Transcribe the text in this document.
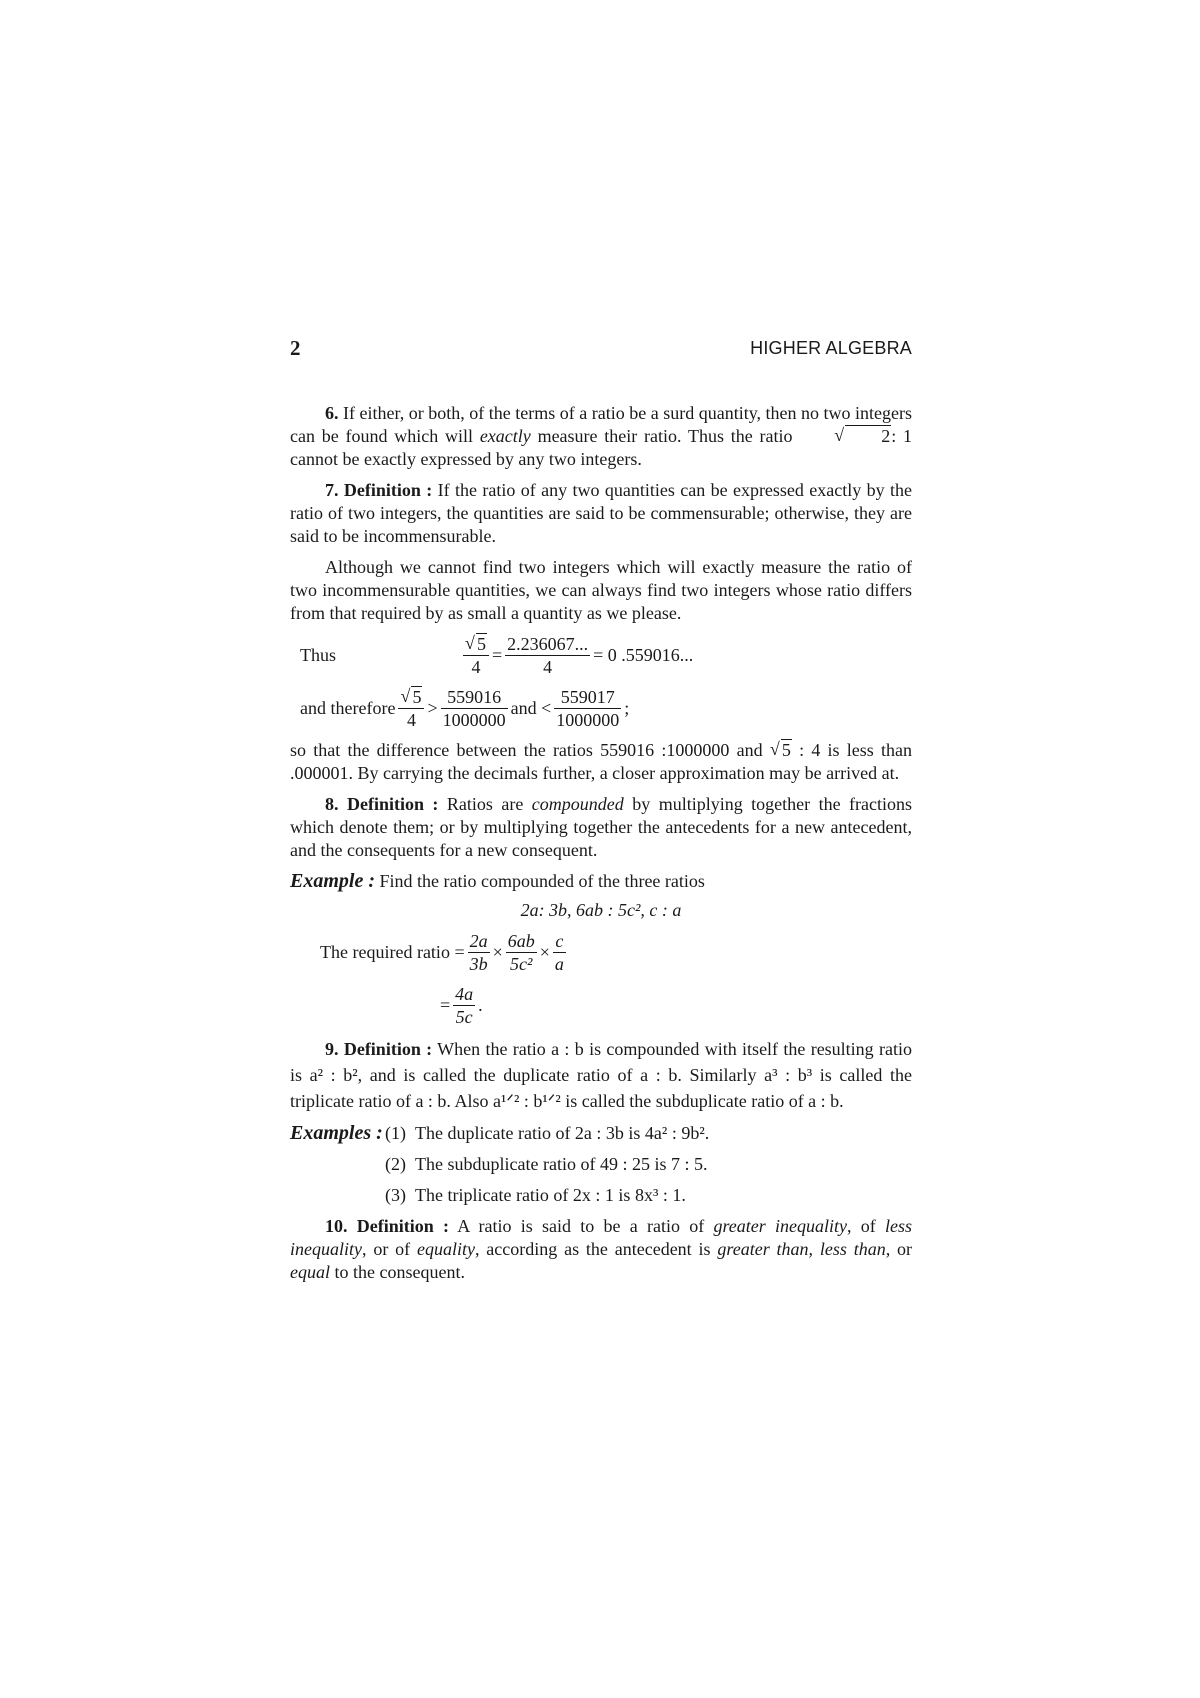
2	HIGHER ALGEBRA

6. If either, or both, of the terms of a ratio be a surd quantity, then no two integers can be found which will exactly measure their ratio. Thus the ratio	√ 2: 1 cannot be exactly expressed by any two integers.

7. Definition : If the ratio of any two quantities can be expressed exactly by the ratio of two integers, the quantities are said to be commensurable; otherwise, they are said to be incommensurable.

Although we cannot find two integers which will exactly measure the ratio of two incommensurable quantities, we can always find two integers whose ratio differs from that required by as small a quantity as we please.

Thus	√ $\frac{5}{4} = \frac{2.236067...}{4} = 0$ .559016...
and therefore √ $\frac{5}{4} > \frac{559016}{1000000}$ and < $\frac{559017}{1000000}$ ;

so that the difference between the ratios 559016 :1000000 and √ 5 : 4 is less than .000001. By carrying the decimals further, a closer approximation may be arrived at.

8. Definition : Ratios are compounded by multiplying together the fractions which denote them; or by multiplying together the antecedents for a new antecedent, and the consequents for a new consequent.

Example : Find the ratio compounded of the three ratios
2a: 3b, 6ab : 5c², c : a
The required ratio = $\frac{2a}{3b} \times \frac{6ab}{\text{5c²}} \times \frac{c}{a}$
= $\frac{4a}{5c}$ .

9. Definition : When the ratio a : b is compounded with itself the resulting ratio is a² : b², and is called the duplicate ratio of a : b. Similarly a³ : b³ is called the triplicate ratio of a : b. Also a¹ᐟ² : b¹ᐟ² is called the subduplicate ratio of a : b.

Examples : (1) The duplicate ratio of 2a : 3b is 4a² : 9b².
(2) The subduplicate ratio of 49 : 25 is 7 : 5.
(3) The triplicate ratio of 2x : 1 is 8x³ : 1.

10. Definition : A ratio is said to be a ratio of greater inequality, of less inequality, or of equality, according as the antecedent is greater than, less than, or equal to the consequent.
